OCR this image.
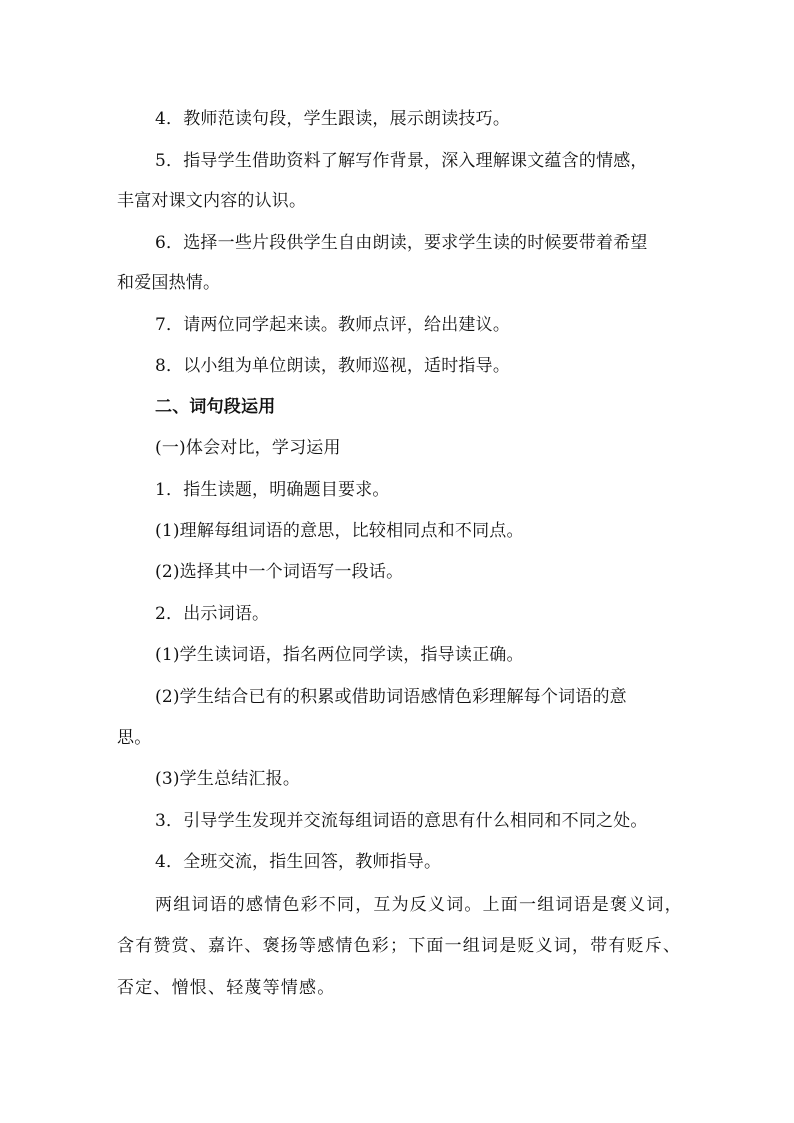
4．教师范读句段，学生跟读，展示朗读技巧。
5．指导学生借助资料了解写作背景，深入理解课文蕴含的情感，
丰富对课文内容的认识。
6．选择一些片段供学生自由朗读，要求学生读的时候要带着希望
和爱国热情。
7．请两位同学起来读。教师点评，给出建议。
8．以小组为单位朗读，教师巡视，适时指导。
二、词句段运用
(一)体会对比，学习运用
1．指生读题，明确题目要求。
(1)理解每组词语的意思，比较相同点和不同点。
(2)选择其中一个词语写一段话。
2．出示词语。
(1)学生读词语，指名两位同学读，指导读正确。
(2)学生结合已有的积累或借助词语感情色彩理解每个词语的意
思。
(3)学生总结汇报。
3．引导学生发现并交流每组词语的意思有什么相同和不同之处。
4．全班交流，指生回答，教师指导。
两组词语的感情色彩不同，互为反义词。上面一组词语是褒义词，
含有赞赏、嘉许、褒扬等感情色彩；下面一组词是贬义词，带有贬斥、
否定、憎恨、轻蔑等情感。
